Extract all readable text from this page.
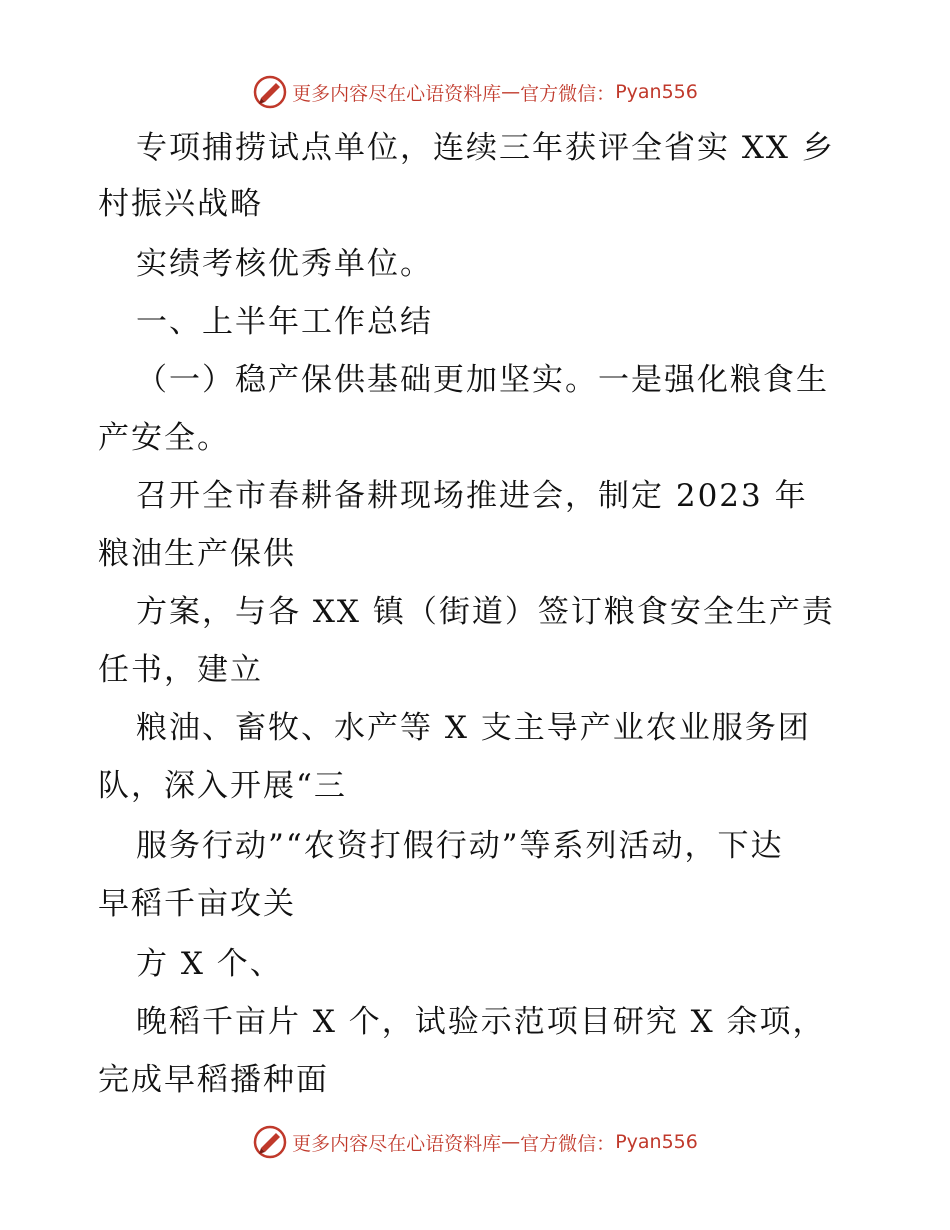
更多内容尽在心语资料库 — 官方微信： Pyan556
专项捕捞试点单位，连续三年获评全省实 XX 乡
村振兴战略
实绩考核优秀单位。
一、上半年工作总结
（一）稳产保供基础更加坚实。一是强化粮食生
产安全。
召开全市春耕备耕现场推进会，制定 2023 年
粮油生产保供
方案，与各 XX 镇（街道）签订粮食安全生产责
任书，建立
粮油、畜牧、水产等 X 支主导产业农业服务团
队，深入开展“三
服务行动”“农资打假行动”等系列活动，下达
早稻千亩攻关
方 X 个、
晚稻千亩片 X 个，试验示范项目研究 X 余项，
完成早稻播种面
更多内容尽在心语资料库 — 官方微信： Pyan556
